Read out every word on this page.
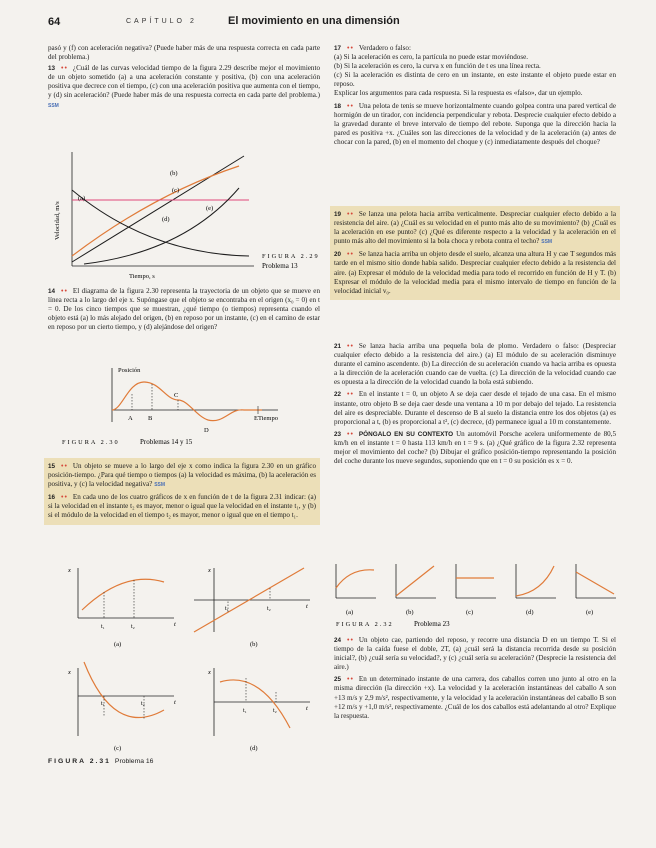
64	CAPÍTULO 2	El movimiento en una dimensión

pasó y (f) con aceleración negativa? (Puede haber más de una respuesta correcta en cada parte del problema.)

13 •• ¿Cuál de las curvas velocidad tiempo de la figura 2.29 describe mejor el movimiento de un objeto sometido (a) a una aceleración constante y positiva, (b) con una aceleración positiva que decrece con el tiempo, (c) con una aceleración positiva que aumenta con el tiempo, y (d) sin aceleración? (Puede haber más de una respuesta correcta en cada parte del problema.) SSM

Velocidad, m/s
Tiempo, s
(a)
(b)
(c)
(d)
(e)
FIGURA 2.29
Problema 13

14 •• El diagrama de la figura 2.30 representa la trayectoria de un objeto que se mueve en línea recta a lo largo del eje x. Supóngase que el objeto se encontraba en el origen (x₀ = 0) en t = 0. De los cinco tiempos que se muestran, ¿qué tiempo (o tiempos) representa cuando el objeto está (a) lo más alejado del origen, (b) en reposo por un instante, (c) en el camino de estar en reposo por un cierto tiempo, y (d) alejándose del origen?

Posición
Tiempo
A B
C
D
E
FIGURA 2.30	Problemas 14 y 15

15 •• Un objeto se mueve a lo largo del eje x como indica la figura 2.30 en un gráfico posición-tiempo. ¿Para qué tiempo o tiempos (a) la velocidad es máxima, (b) la aceleración es positiva, y (c) la velocidad negativa? SSM

16 •• En cada uno de los cuatro gráficos de x en función de t de la figura 2.31 indicar: (a) si la velocidad en el instante t₂ es mayor, menor o igual que la velocidad en el instante t₁, y (b) si el módulo de la velocidad en el tiempo t₂ es mayor, menor o igual que en el tiempo t₁.

x
t
t₁	t₂
(a)
x
t
t₁	t₂
(b)
x
t
t₁	t₂
(c)
x
t
t₁	t₂
(d)
FIGURA 2.31 Problema 16

17 •• Verdadero o falso:

(a) Si la aceleración es cero, la partícula no puede estar moviéndose.

(b) Si la aceleración es cero, la curva x en función de t es una línea recta.

(c) Si la aceleración es distinta de cero en un instante, en este instante el objeto puede estar en reposo.

Explicar los argumentos para cada respuesta. Si la respuesta es «falso», dar un ejemplo.

18 •• Una pelota de tenis se mueve horizontalmente cuando golpea contra una pared vertical de hormigón de un tirador, con incidencia perpendicular y rebota. Desprecie cualquier efecto debido a la gravedad durante el breve intervalo de tiempo del rebote. Suponga que la dirección hacia la pared es positiva +x. ¿Cuáles son las direcciones de la velocidad y de la aceleración (a) antes de chocar con la pared, (b) en el momento del choque y (c) inmediatamente después del choque?

19 •• Se lanza una pelota hacia arriba verticalmente. Despreciar cualquier efecto debido a la resistencia del aire. (a) ¿Cuál es su velocidad en el punto más alto de su movimiento? (b) ¿Cuál es la aceleración en ese punto? (c) ¿Qué es diferente respecto a la velocidad y la aceleración en el punto más alto del movimiento si la bola choca y rebota contra el techo? SSM

20 •• Se lanza hacia arriba un objeto desde el suelo, alcanza una altura H y cae T segundos más tarde en el mismo sitio donde había salido. Despreciar cualquier efecto debido a la resistencia del aire. (a) Expresar el módulo de la velocidad media para todo el recorrido en función de H y T. (b) Expresar el módulo de la velocidad media para el mismo intervalo de tiempo en función de la velocidad inicial v₀.

21 •• Se lanza hacia arriba una pequeña bola de plomo. Verdadero o falso: (Despreciar cualquier efecto debido a la resistencia del aire.) (a) El módulo de su aceleración disminuye durante el camino ascendente. (b) La dirección de su aceleración cuando va hacia arriba es opuesta a la dirección de la aceleración cuando cae de vuelta. (c) La dirección de la velocidad cuando cae es opuesta a la dirección de la velocidad cuando la bola está subiendo.

22 •• En el instante t = 0, un objeto A se deja caer desde el tejado de una casa. En el mismo instante, otro objeto B se deja caer desde una ventana a 10 m por debajo del tejado. La resistencia del aire es despreciable. Durante el descenso de B al suelo la distancia entre los dos objetos (a) es proporcional a t, (b) es proporcional a t², (c) decrece, (d) permanece igual a 10 m constantemente.

23 •• PÓNGALO EN SU CONTEXTO Un automóvil Porsche acelera uniformemente de 80,5 km/h en el instante t = 0 hasta 113 km/h en t = 9 s. (a) ¿Qué gráfico de la figura 2.32 representa mejor el movimiento del coche? (b) Dibujar el gráfico posición-tiempo representando la posición del coche durante los nueve segundos, suponiendo que en t = 0 su posición es x = 0.

(a)	(b)	(c)	(d)	(e)
FIGURA 2.32	Problema 23

24 •• Un objeto cae, partiendo del reposo, y recorre una distancia D en un tiempo T. Si el tiempo de la caída fuese el doble, 2T, (a) ¿cuál será la distancia recorrida desde su posición inicial?, (b) ¿cuál sería su velocidad?, y (c) ¿cuál sería su aceleración? (Desprecie la resistencia del aire.)

25 •• En un determinado instante de una carrera, dos caballos corren uno junto al otro en la misma dirección (la dirección +x). La velocidad y la aceleración instantáneas del caballo A son +13 m/s y 2,9 m/s², respectivamente, y la velocidad y la aceleración instantáneas del caballo B son +12 m/s y +1,0 m/s², respectivamente. ¿Cuál de los dos caballos está adelantando al otro? Explique la respuesta.
